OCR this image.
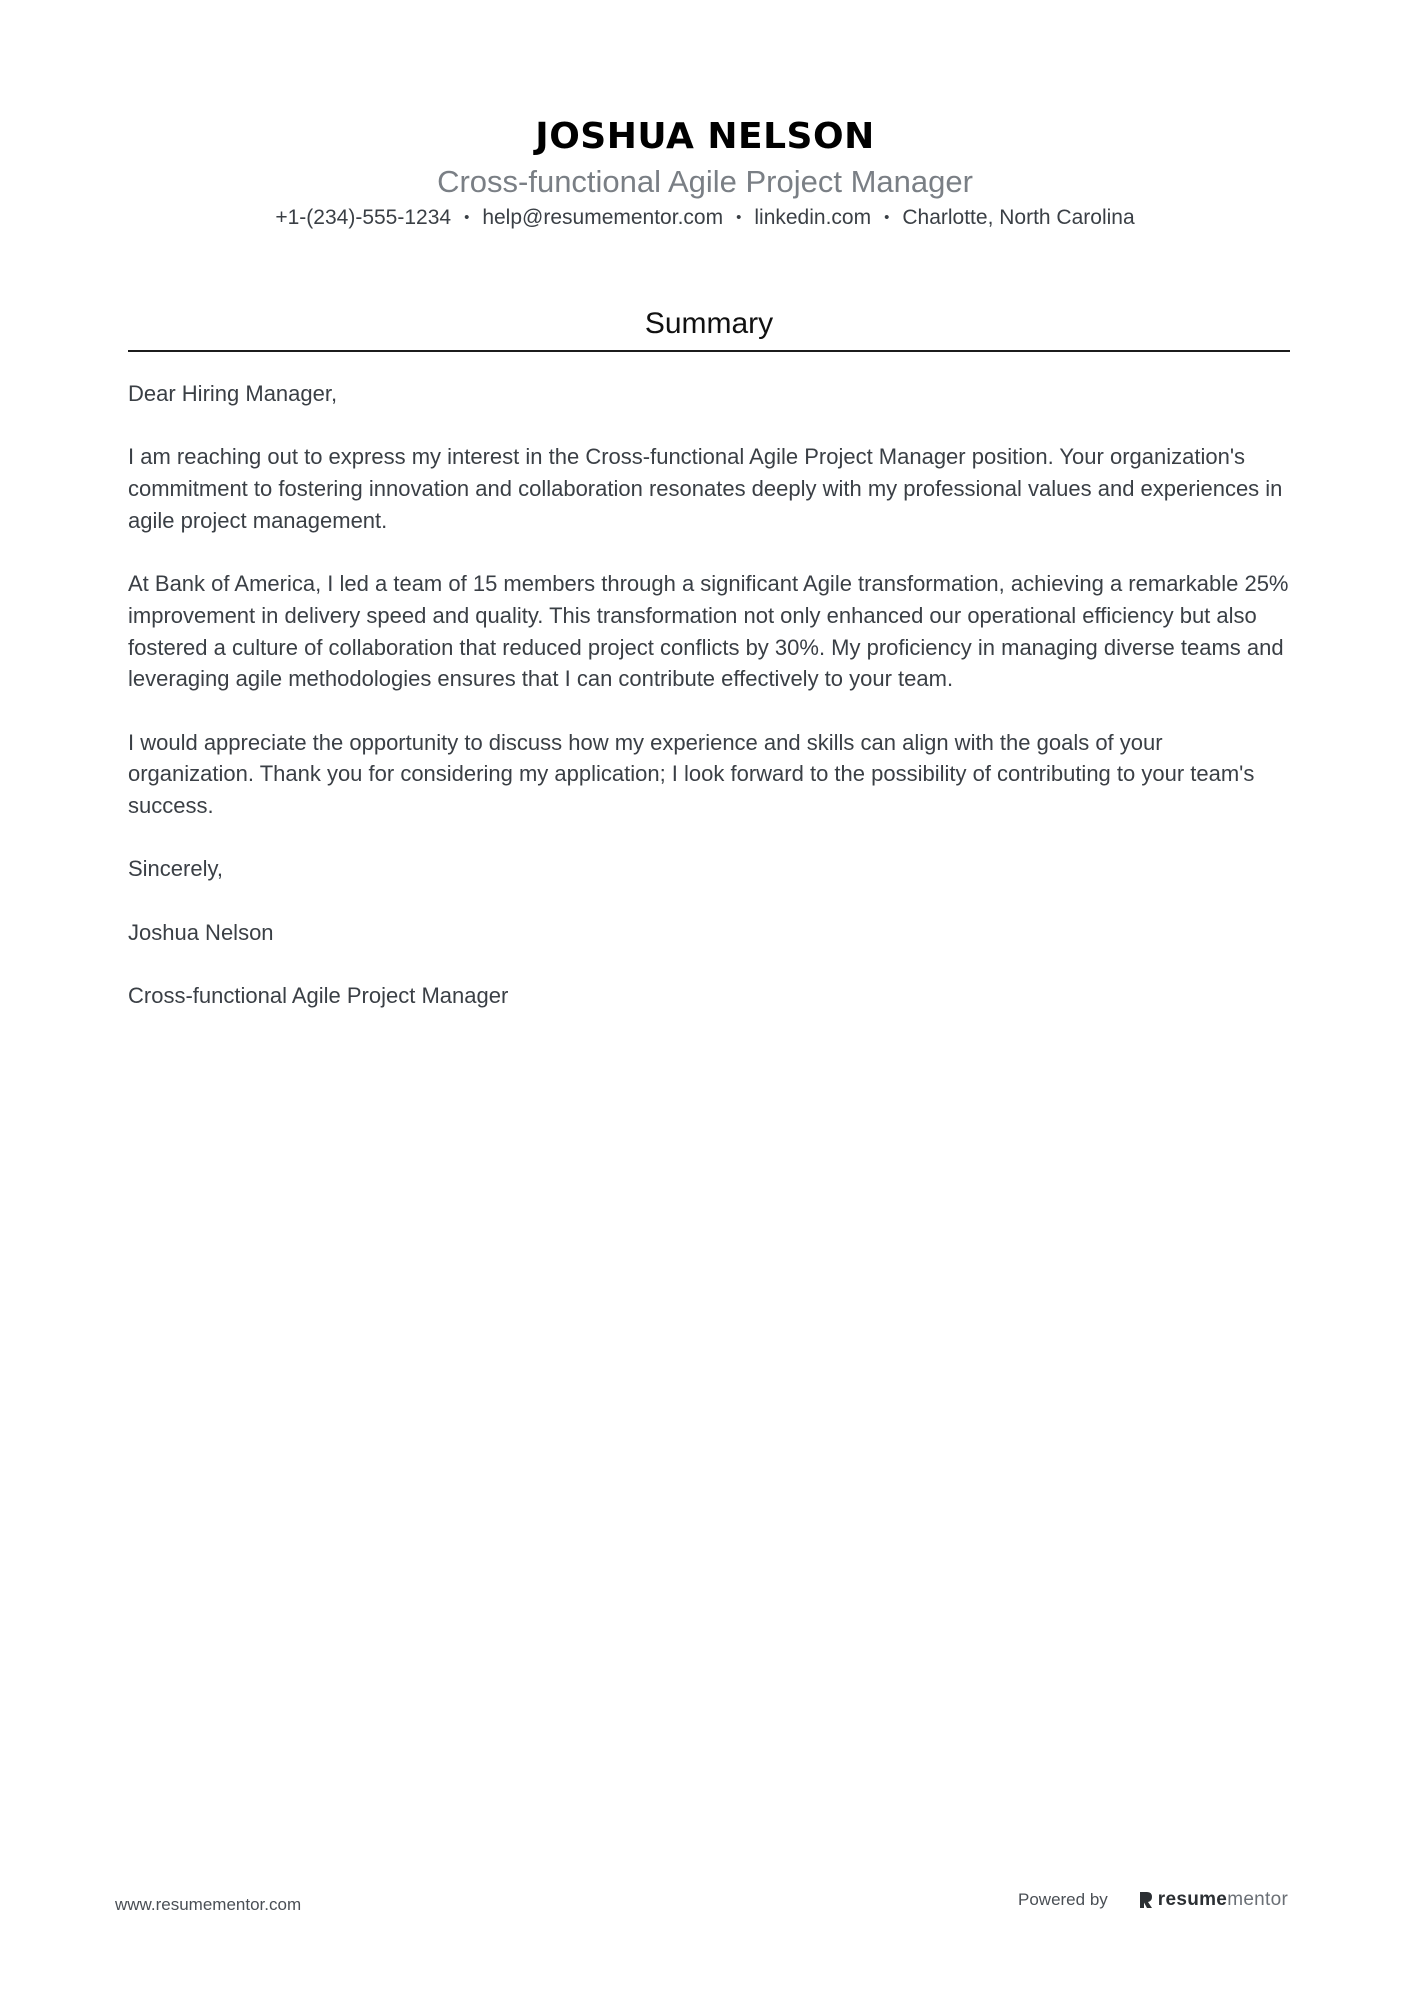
JOSHUA NELSON
Cross-functional Agile Project Manager
+1-(234)-555-1234 • help@resumementor.com • linkedin.com • Charlotte, North Carolina
Summary

Dear Hiring Manager,

I am reaching out to express my interest in the Cross-functional Agile Project Manager position. Your organization's commitment to fostering innovation and collaboration resonates deeply with my professional values and experiences in agile project management.

At Bank of America, I led a team of 15 members through a significant Agile transformation, achieving a remarkable 25% improvement in delivery speed and quality. This transformation not only enhanced our operational efficiency but also fostered a culture of collaboration that reduced project conflicts by 30%. My proficiency in managing diverse teams and leveraging agile methodologies ensures that I can contribute effectively to your team.

I would appreciate the opportunity to discuss how my experience and skills can align with the goals of your organization. Thank you for considering my application; I look forward to the possibility of contributing to your team's success.

Sincerely,

Joshua Nelson

Cross-functional Agile Project Manager

www.resumementor.com	Powered by	resume mentor
